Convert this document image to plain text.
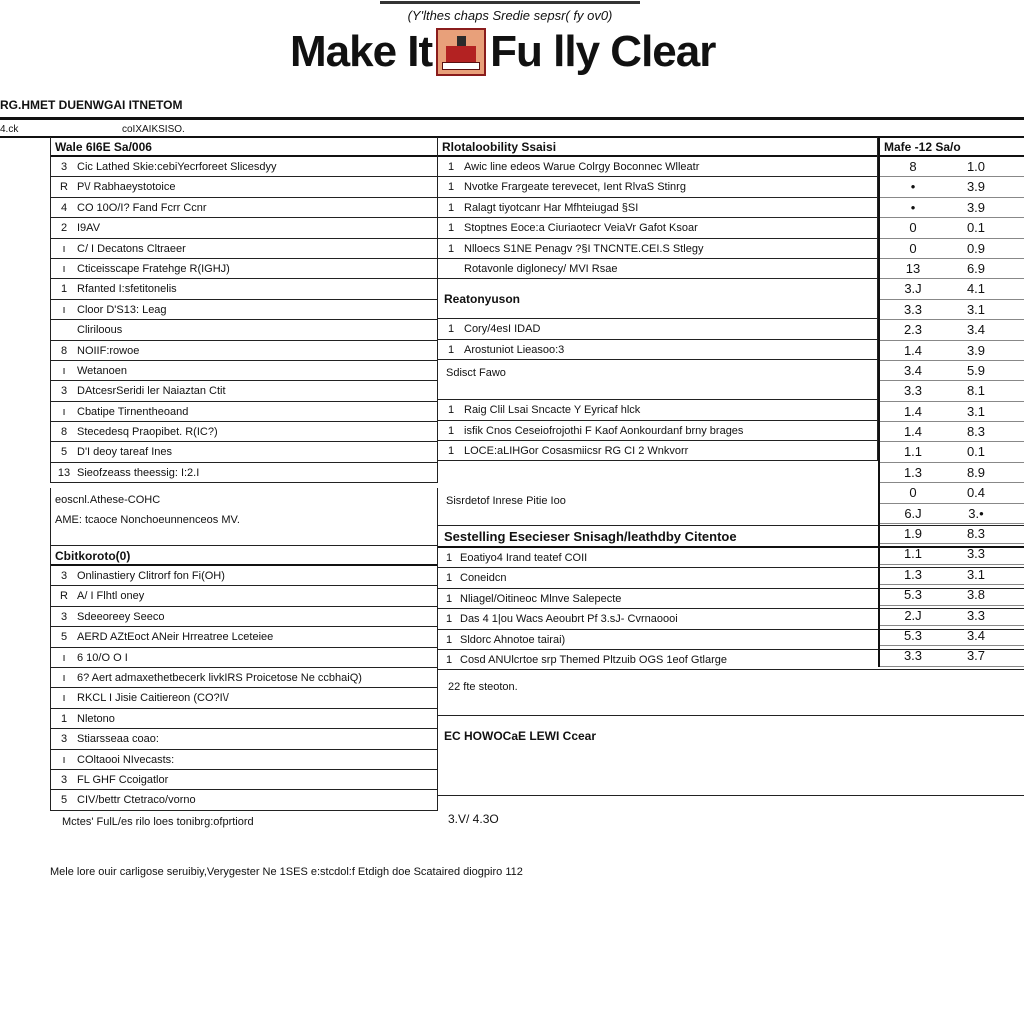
(Y'lthes chaps Sredie sepsr( fy ov0)
Make It Fu lly Clear
RG.HMET DUENWGAI ITNETOM
4.ck	coIXAIKSISO.
Wale 6I6E Sa/006
3 Cic Lathed Skie:cebiYecrforeet Slicesdyy
R P\/ Rabhaeystotoice
4 CO 10O/I? Fand Fcrr Ccnr
2 I9AV
ı	C/ I Decatons Cltraeer
ı	Cticeisscape Fratehge R(IGHJ)
1 Rfanted I:sfetitonelis
ı	Cloor D'S13: Leag
Cliriloous
8 NOIIF:rowoe
ı	Wetanoen
3 DAtcesrSeridi ler Naiaztan Ctit
ı	Cbatipe Tirnentheoand
8 Stecedesq Praopibet. R(IC?)
5 D'I deoy tareaf Ines
13 Sieofzeass theessig: I:2.I
eoscnl.Athese-COHC
AME: tcaoce Nonchoeunnenceos MV.
Cbitkoroto(0)
3 Onlinastiery Clitrorf fon Fi(OH)
R A/ I Flhtl oney
3 Sdeeoreey Seeco
5 AERD AZtEoct ANeir Hrreatree Lceteiee
ı	6 10/O O I
ı	6? Aert admaxethetbecerk livkIRS Proicetose Ne ccbhaiQ)
ı	RKCL I Jisie Caitiereon (CO?I\/
1 Nletono
3 Stiarsseaa coao:
ı	COltaooi NIvecasts:
3 FL GHF Ccoigatlor
5 CIV/bettr Ctetraco/vorno
Rlotaloobility Ssaisi
1 Awic line edeos Warue Colrgy Boconnec Wlleatr
1 Nvotke Frargeate terevecet, Ient RlvaS Stinrg
1 Ralagt tiyotcanr Har Mfhteiugad §SI
1 Stoptnes Eoce:a Ciuriaotecr VeiaVr Gafot Ksoar
1 Nlloecs S1NE Penagv ?§I TNCNTE.CEI.S Stlegy
Rotavonle diglonecy/ MVI Rsae
Reatonyuson
1 Cory/4esI IDAD
1 Arostuniot Lieasoo:3
Sdisct Fawo
1 Raig Clil Lsai Sncacte Y Eyricaf hlck
1 isfik Cnos Ceseiofrojothi F Kaof Aonkourdanf brny brages
1 LOCE:aLIHGor Cosasmiicsr RG CI 2 Wnkvorr
Sisrdetof Inrese Pitie Ioo
Sestelling Esecieser Snisagh/leathdby Citentoe
1 Eoatiyo4 Irand teatef COII
1 Coneidcn
1 Nliagel/Oitineoc Mlnve Salepecte
1 Das 4 1|ou Wacs Aeoubrt Pf 3.sJ- Cvrnaoooi
1 Sldorc Ahnotoe tairai)
1 Cosd ANUlcrtoe srp Themed Pltzuib OGS 1eof Gtlarge
22 fte steoton.
EC HOWOCaE LEWI Ccear
Mafe -12 Sa/o
8	1.0
•	3.9
•	3.9
0	0.1
0	0.9
13	6.9
3.J	4.1
3.3	3.1
2.3	3.4
1.4	3.9
3.4	5.9
3.3	8.1
1.4	3.1
1.4	8.3
1.1	0.1
1.3	8.9
0	0.4
6.J	3.•
1.9	8.3
1.1	3.3
1.3	3.1
5.3	3.8
2.J	3.3
5.3	3.4
3.3	3.7
Mctes' FulL/es rilo loes tonibrg:ofprtiord	3.V/ 4.3O
Mele lore ouir carligose seruibiy,Verygester Ne 1SES e:stcdol:f Etdigh doe Scataired diogpiro 112
